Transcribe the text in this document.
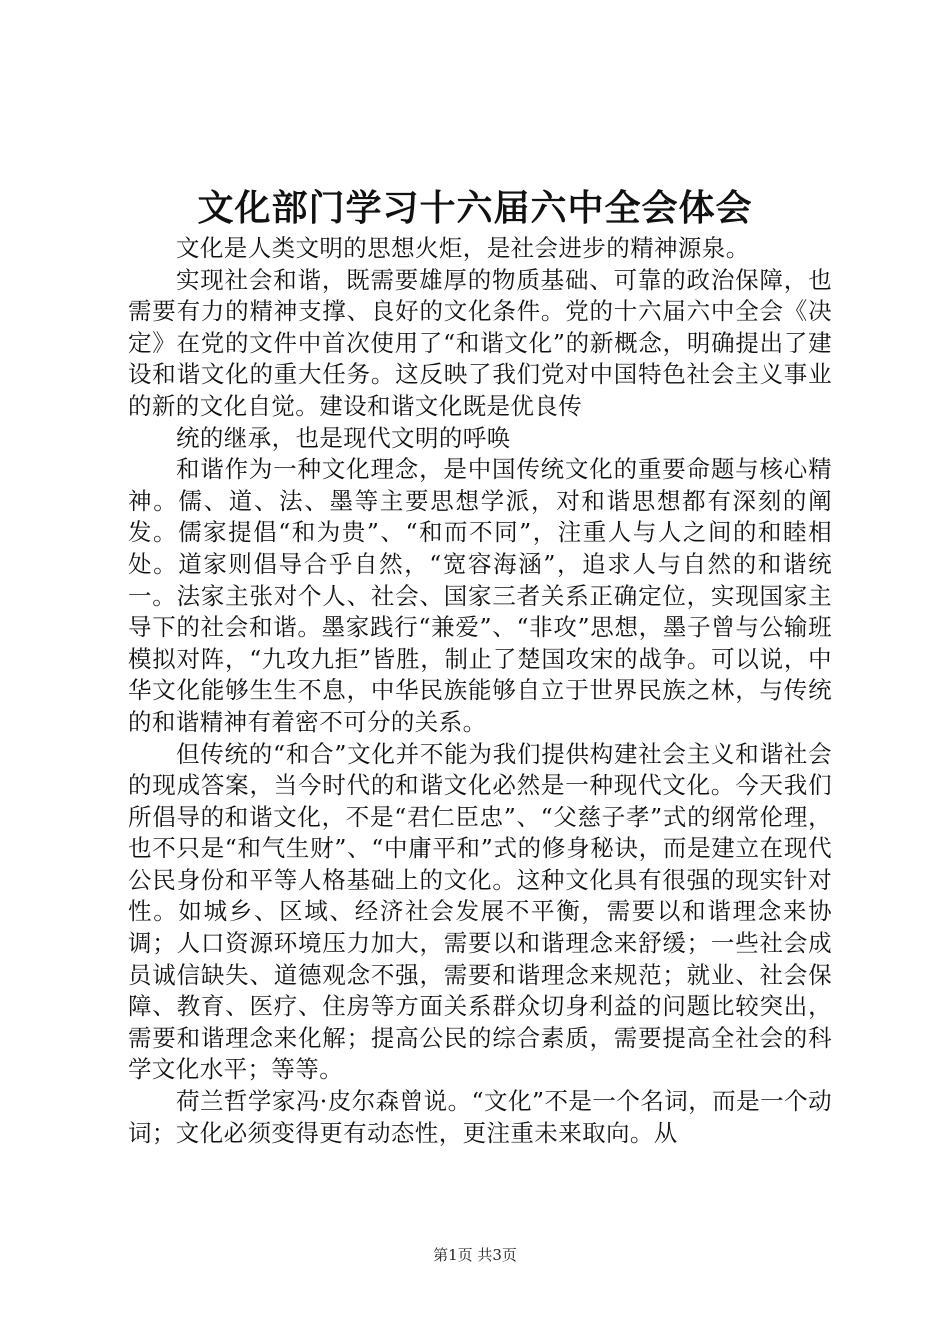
文化部门学习十六届六中全会体会

文化是人类文明的思想火炬，是社会进步的精神源泉。

实现社会和谐，既需要雄厚的物质基础、可靠的政治保障，也需要有力的精神支撑、良好的文化条件。党的十六届六中全会《决定》在党的文件中首次使用了“和谐文化”的新概念，明确提出了建设和谐文化的重大任务。这反映了我们党对中国特色社会主义事业的新的文化自觉。建设和谐文化既是优良传

统的继承，也是现代文明的呼唤

和谐作为一种文化理念，是中国传统文化的重要命题与核心精神。儒、道、法、墨等主要思想学派，对和谐思想都有深刻的阐发。儒家提倡“和为贵”、“和而不同”，注重人与人之间的和睦相处。道家则倡导合乎自然，“宽容海涵”，追求人与自然的和谐统一。法家主张对个人、社会、国家三者关系正确定位，实现国家主导下的社会和谐。墨家践行“兼爱”、“非攻”思想，墨子曾与公输班模拟对阵，“九攻九拒”皆胜，制止了楚国攻宋的战争。可以说，中华文化能够生生不息，中华民族能够自立于世界民族之林，与传统的和谐精神有着密不可分的关系。

但传统的“和合”文化并不能为我们提供构建社会主义和谐社会的现成答案，当今时代的和谐文化必然是一种现代文化。今天我们所倡导的和谐文化，不是“君仁臣忠”、“父慈子孝”式的纲常伦理，也不只是“和气生财”、“中庸平和”式的修身秘诀，而是建立在现代公民身份和平等人格基础上的文化。这种文化具有很强的现实针对性。如城乡、区域、经济社会发展不平衡，需要以和谐理念来协调；人口资源环境压力加大，需要以和谐理念来舒缓；一些社会成员诚信缺失、道德观念不强，需要和谐理念来规范；就业、社会保障、教育、医疗、住房等方面关系群众切身利益的问题比较突出，需要和谐理念来化解；提高公民的综合素质，需要提高全社会的科学文化水平；等等。

荷兰哲学家冯·皮尔森曾说。“文化”不是一个名词，而是一个动词；文化必须变得更有动态性，更注重未来取向。从

第1页 共3页
